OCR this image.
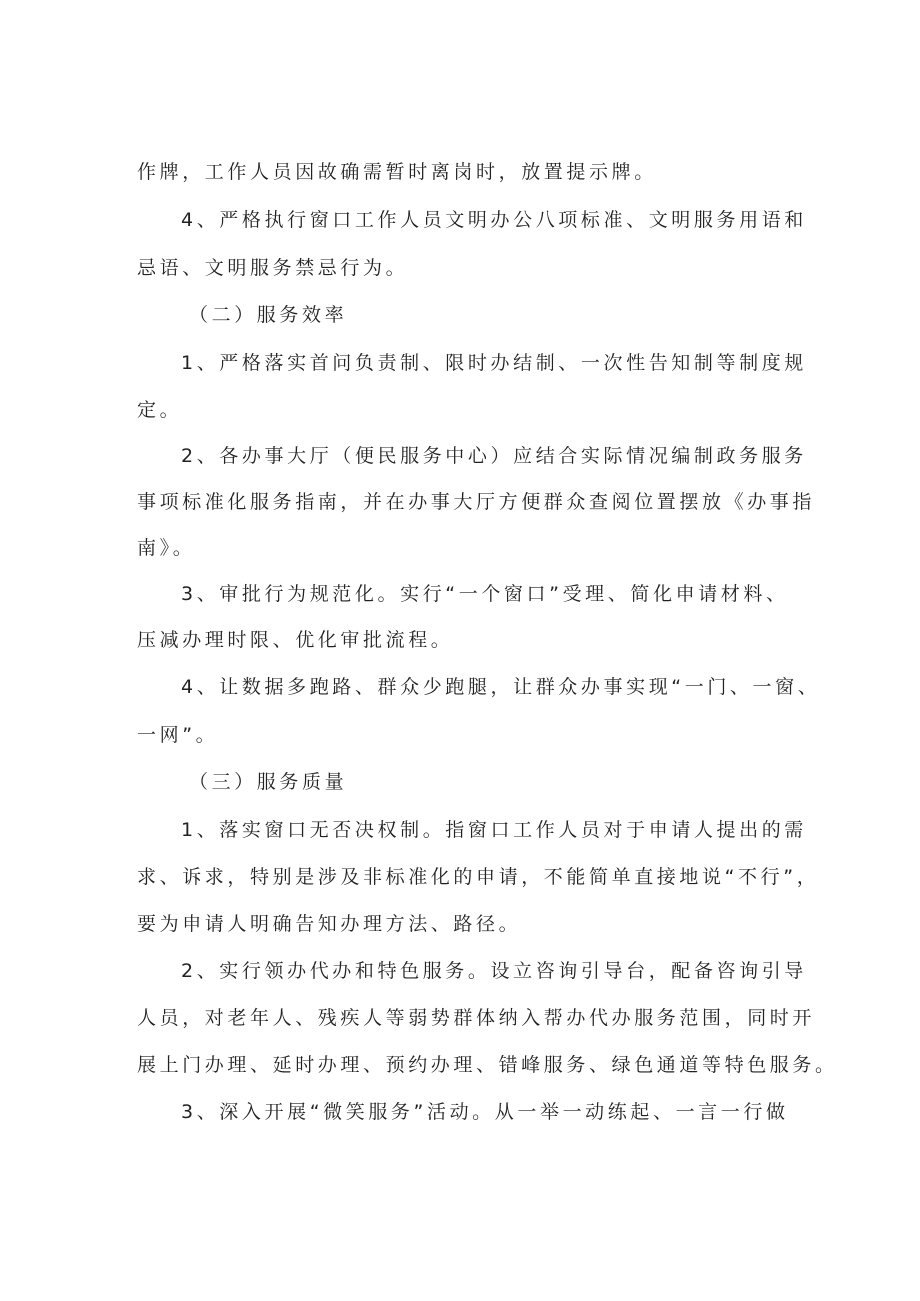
作牌，工作人员因故确需暂时离岗时，放置提示牌。
4、严格执行窗口工作人员文明办公八项标准、文明服务用语和
忌语、文明服务禁忌行为。
（二）服务效率
1、严格落实首问负责制、限时办结制、一次性告知制等制度规
定。
2、各办事大厅（便民服务中心）应结合实际情况编制政务服务
事项标准化服务指南，并在办事大厅方便群众查阅位置摆放《办事指
南》。
3、审批行为规范化。实行“一个窗口”受理、简化申请材料、
压减办理时限、优化审批流程。
4、让数据多跑路、群众少跑腿，让群众办事实现“一门、一窗、
一网”。
（三）服务质量
1、落实窗口无否决权制。指窗口工作人员对于申请人提出的需
求、诉求，特别是涉及非标准化的申请，不能简单直接地说“不行”，
要为申请人明确告知办理方法、路径。
2、实行领办代办和特色服务。设立咨询引导台，配备咨询引导
人员，对老年人、残疾人等弱势群体纳入帮办代办服务范围，同时开
展上门办理、延时办理、预约办理、错峰服务、绿色通道等特色服务。
3、深入开展“微笑服务”活动。从一举一动练起、一言一行做
